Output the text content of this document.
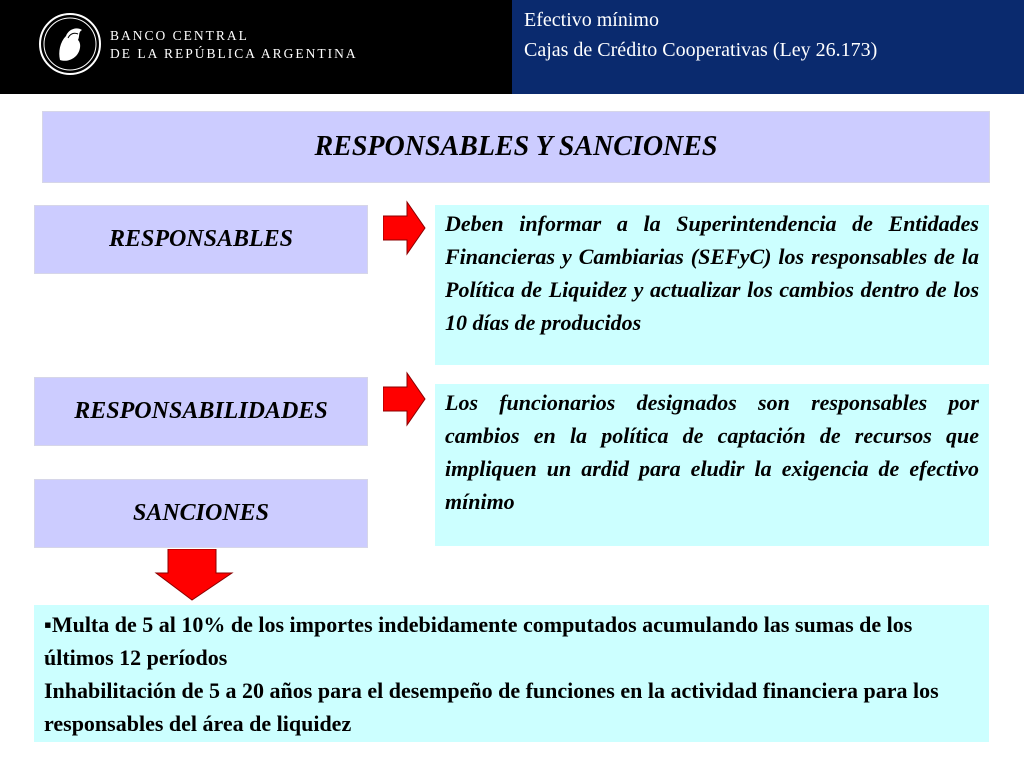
BANCO CENTRAL
DE LA REPÚBLICA ARGENTINA
Efectivo mínimo
Cajas de Crédito Cooperativas (Ley 26.173)
RESPONSABLES Y SANCIONES
RESPONSABLES
Deben informar a la Superintendencia de Entidades Financieras y Cambiarias (SEFyC) los responsables de la Política de Liquidez y actualizar los cambios dentro de los 10 días de producidos
RESPONSABILIDADES	Los funcionarios designados son responsables por cambios en la política de captación de recursos que impliquen un ardid para eludir la exigencia de efectivo mínimo
SANCIONES

▪Multa de 5 al 10% de los importes indebidamente computados acumulando las sumas de los últimos 12 períodos

Inhabilitación de 5 a 20 años para el desempeño de funciones en la actividad financiera para los responsables del área de liquidez
